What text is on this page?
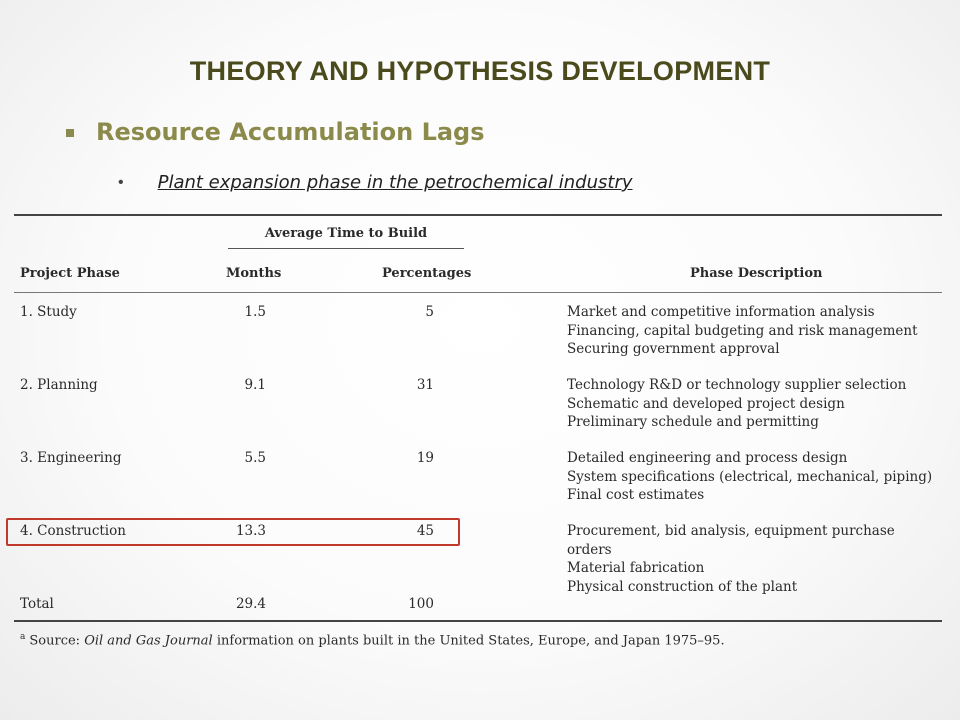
THEORY AND HYPOTHESIS DEVELOPMENT
Resource Accumulation Lags
• Plant expansion phase in the petrochemical industry
Average Time to Build
Project Phase	Months	Percentages	Phase Description
1. Study	1.5	5	Market and competitive information analysis
Financing, capital budgeting and risk management
Securing government approval
2. Planning	9.1	31	Technology R&D or technology supplier selection
Schematic and developed project design
Preliminary schedule and permitting
3. Engineering	5.5	19	Detailed engineering and process design
System specifications (electrical, mechanical, piping)
Final cost estimates
4. Construction	13.3	45	Procurement, bid analysis, equipment purchase orders
Material fabrication
Physical construction of the plant
Total	29.4	100
$^a$ Source: Oil and Gas Journal information on plants built in the United States, Europe, and Japan 1975–95.
